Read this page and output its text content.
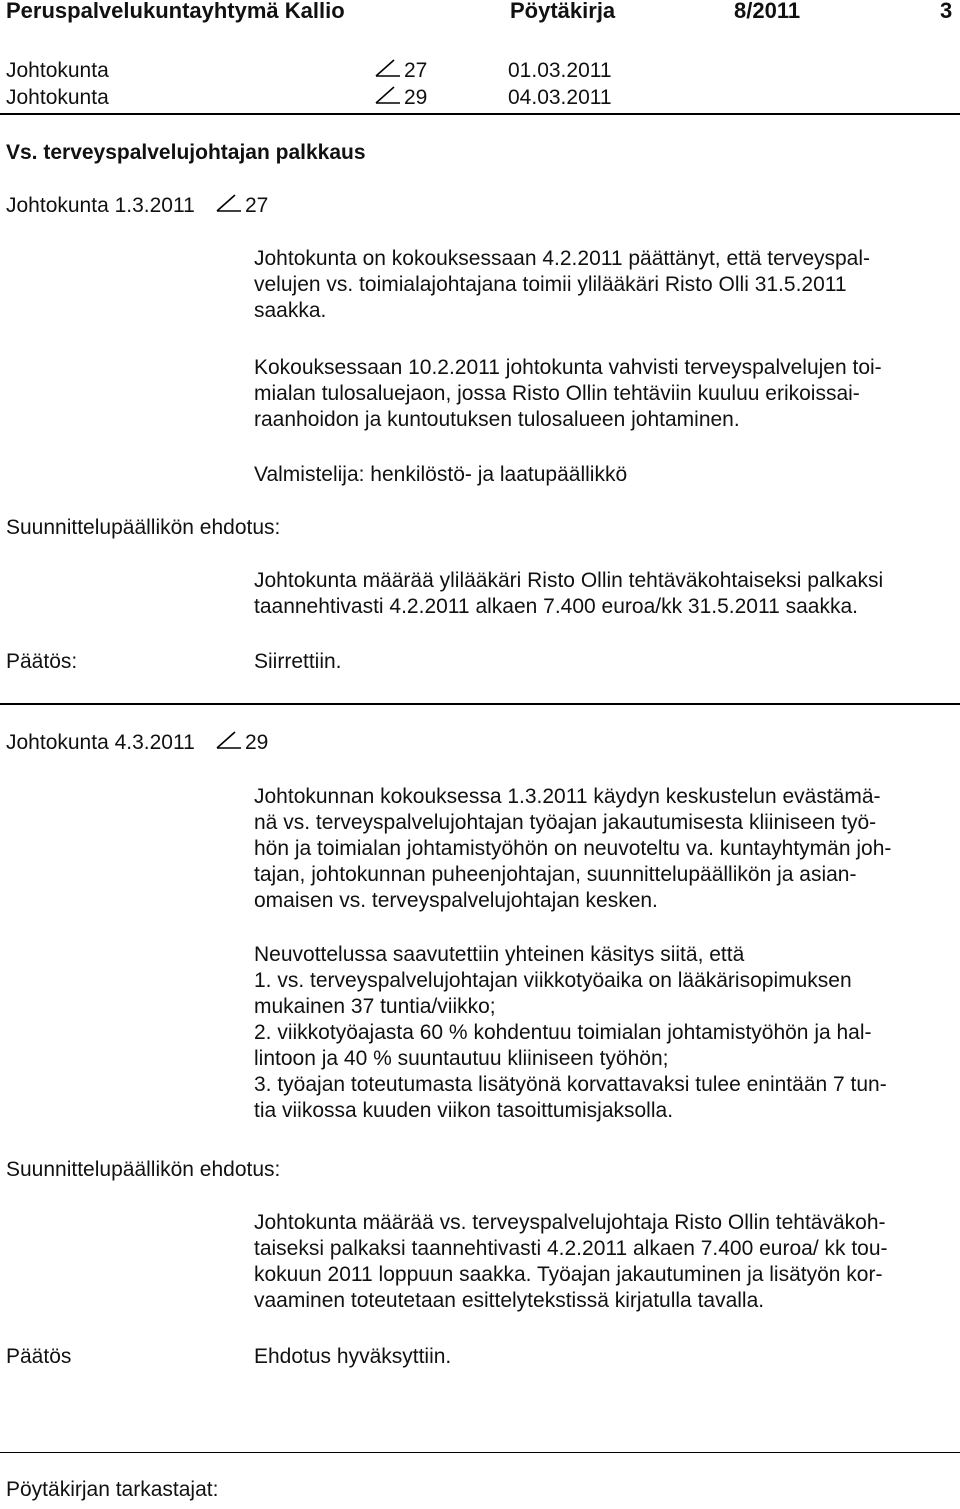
Peruspalvelukuntayhtymä Kallio	Pöytäkirja	8/2011	3
Johtokunta	27	01.03.2011
Johtokunta	29	04.03.2011
Vs. terveyspalvelujohtajan palkkaus
Johtokunta 1.3.2011 27
Johtokunta on kokouksessaan 4.2.2011 päättänyt, että terveyspal-
velujen vs. toimialajohtajana toimii ylilääkäri Risto Olli 31.5.2011
saakka.
Kokouksessaan 10.2.2011 johtokunta vahvisti terveyspalvelujen toi-
mialan tulosaluejaon, jossa Risto Ollin tehtäviin kuuluu erikoissai-
raanhoidon ja kuntoutuksen tulosalueen johtaminen.
Valmistelija: henkilöstö- ja laatupäällikkö
Suunnittelupäällikön ehdotus:
Johtokunta määrää ylilääkäri Risto Ollin tehtäväkohtaiseksi palkaksi
taannehtivasti 4.2.2011 alkaen 7.400 euroa/kk 31.5.2011 saakka.
Päätös:	Siirrettiin.
Johtokunta 4.3.2011 29
Johtokunnan kokouksessa 1.3.2011 käydyn keskustelun evästämä-
nä vs. terveyspalvelujohtajan työajan jakautumisesta kliiniseen työ-
hön ja toimialan johtamistyöhön on neuvoteltu va. kuntayhtymän joh-
tajan, johtokunnan puheenjohtajan, suunnittelupäällikön ja asian-
omaisen vs. terveyspalvelujohtajan kesken.
Neuvottelussa saavutettiin yhteinen käsitys siitä, että
1. vs. terveyspalvelujohtajan viikkotyöaika on lääkärisopimuksen
mukainen 37 tuntia/viikko;
2. viikkotyöajasta 60 % kohdentuu toimialan johtamistyöhön ja hal-
lintoon ja 40 % suuntautuu kliiniseen työhön;
3. työajan toteutumasta lisätyönä korvattavaksi tulee enintään 7 tun-
tia viikossa kuuden viikon tasoittumisjaksolla.
Suunnittelupäällikön ehdotus:
Johtokunta määrää vs. terveyspalvelujohtaja Risto Ollin tehtäväkoh-
taiseksi palkaksi taannehtivasti 4.2.2011 alkaen 7.400 euroa/ kk tou-
kokuun 2011 loppuun saakka. Työajan jakautuminen ja lisätyön kor-
vaaminen toteutetaan esittelytekstissä kirjatulla tavalla.
Päätös	Ehdotus hyväksyttiin.
Pöytäkirjan tarkastajat:
